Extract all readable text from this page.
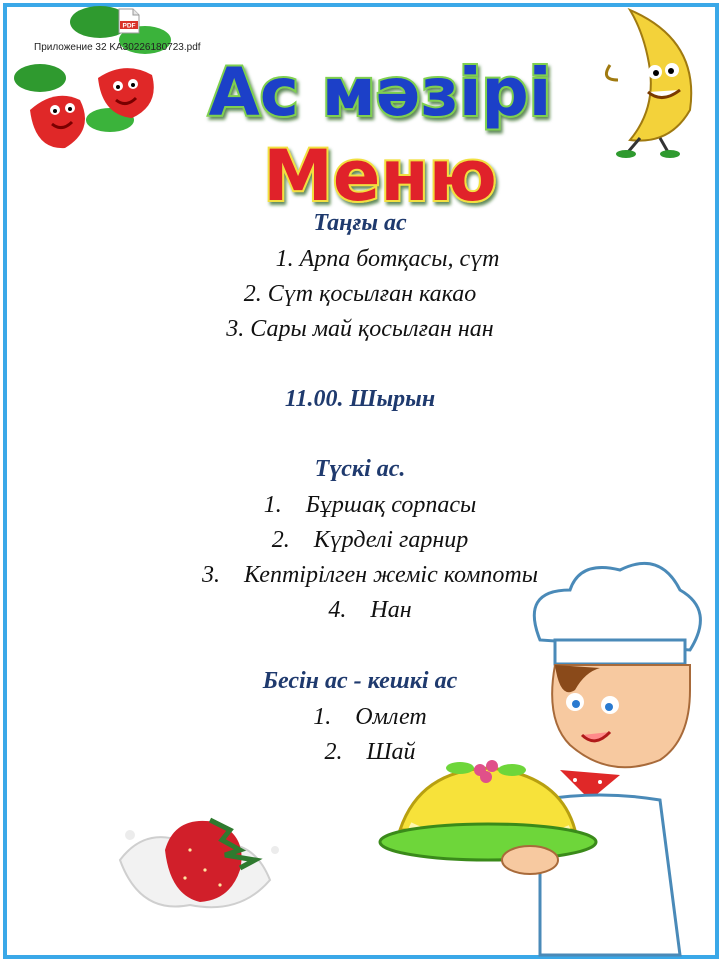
PDF
Приложение 32 KA30226180723.pdf
Ас мәзірі
Меню
Таңғы ас
1. Арпа ботқасы, сүт
2. Сүт қосылған какао
3. Сары май қосылған нан
11.00. Шырын
Түскі ас.
1. Бұршақ сорпасы
2. Күрделі гарнир
3. Кептірілген жеміс компоты
4. Нан
Бесін ас - кешкі ас
1. Омлет
2. Шай
